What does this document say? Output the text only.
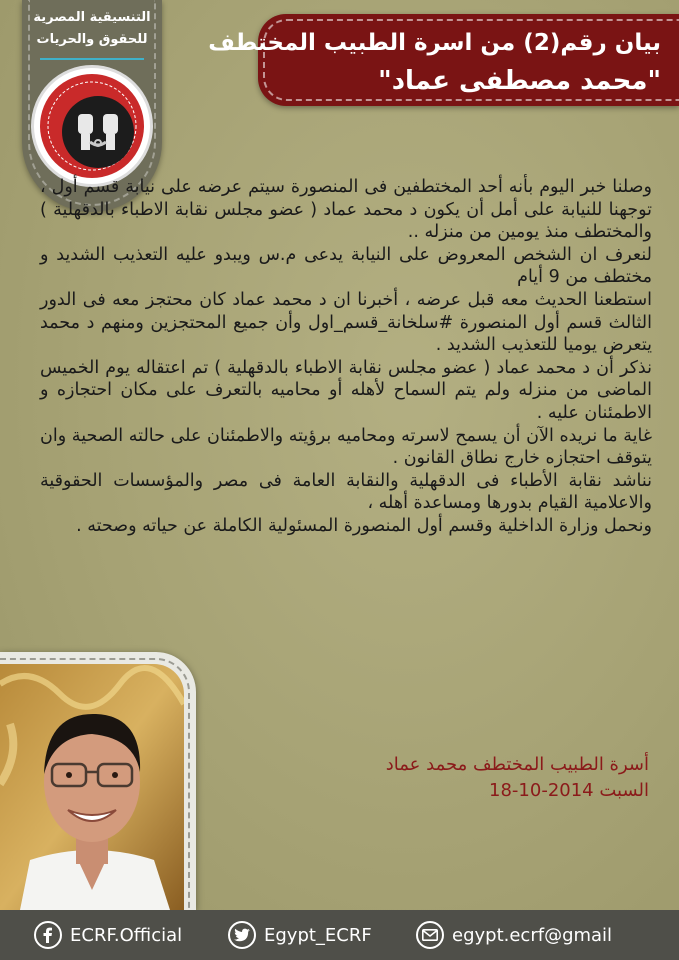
التنسيقية المصرية
للحقوق والحريات	بيان رقم(2) من اسرة الطبيب المختطف
"محمد مصطفى عماد"

وصلنا خبر اليوم بأنه أحد المختطفين فى المنصورة سيتم عرضه على نيابة قسم أول ، توجهنا للنيابة على أمل أن يكون د محمد عماد ( عضو مجلس نقابة الاطباء بالدقهلية ) والمختطف منذ يومين من منزله ..

لنعرف ان الشخص المعروض على النيابة يدعى م.س ويبدو عليه التعذيب الشديد و مختطف من 9 أيام

استطعنا الحديث معه قبل عرضه ، أخبرنا ان د محمد عماد كان محتجز معه فى الدور الثالث قسم أول المنصورة #سلخانة_قسم_اول وأن جميع المحتجزين ومنهم د محمد يتعرض يوميا للتعذيب الشديد .

نذكر أن د محمد عماد ( عضو مجلس نقابة الاطباء بالدقهلية ) تم اعتقاله يوم الخميس الماضى من منزله ولم يتم السماح لأهله أو محاميه بالتعرف على مكان احتجازه و الاطمئنان عليه .

غاية ما نريده الآن أن يسمح لاسرته ومحاميه برؤيته والاطمئنان على حالته الصحية وان يتوقف احتجازه خارج نطاق القانون .

نناشد نقابة الأطباء فى الدقهلية والنقابة العامة فى مصر والمؤسسات الحقوقية والاعلامية القيام بدورها ومساعدة أهله ،

ونحمل وزارة الداخلية وقسم أول المنصورة المسئولية الكاملة عن حياته وصحته .

أسرة الطبيب المختطف محمد عماد
السبت 2014-10-18
ECRF.Official	Egypt_ECRF	egypt.ecrf@gmail
